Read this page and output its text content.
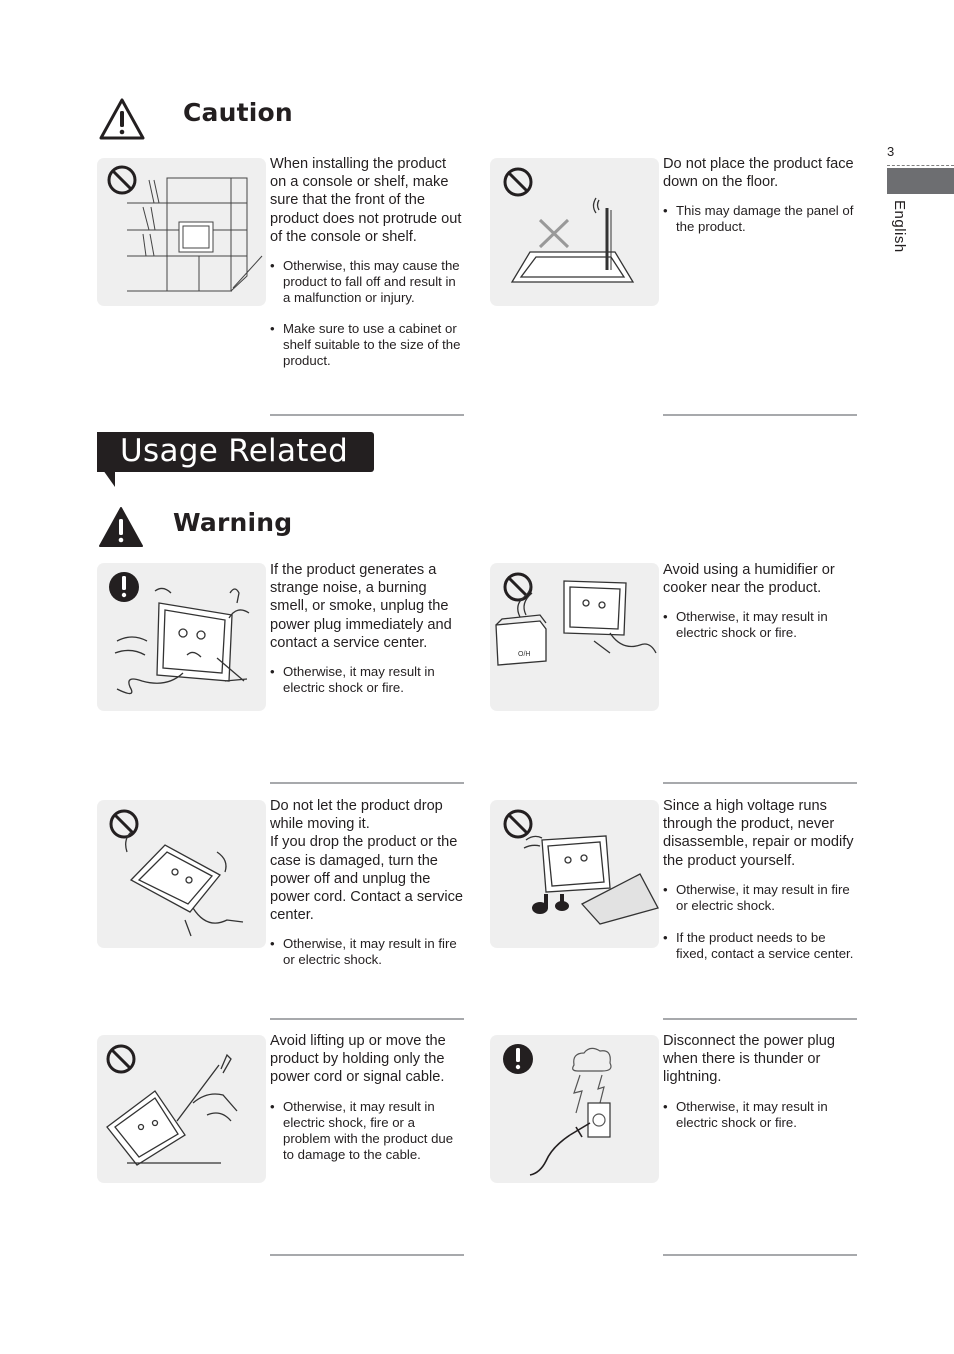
3
English
Caution

When installing the product on a console or shelf, make sure that the front of the product does not protrude out of the console or shelf.

• Otherwise, this may cause the product to fall off and result in a malfunction or injury.
• Make sure to use a cabinet or shelf suitable to the size of the product.

Do not place the product face down on the floor.

• This may damage the panel of the product.
Usage Related
Warning

If the product generates a strange noise, a burning smell, or smoke, unplug the power plug immediately and contact a service center.

• Otherwise, it may result in electric shock or fire.
O/H

Avoid using a humidifier or cooker near the product.

• Otherwise, it may result in electric shock or fire.

Do not let the product drop while moving it.
If you drop the product or the case is damaged, turn the power off and unplug the power cord. Contact a service center.

• Otherwise, it may result in fire or electric shock.

Since a high voltage runs through the product, never disassemble, repair or modify the product yourself.

• Otherwise, it may result in fire or electric shock.
• If the product needs to be fixed, contact a service center.

Avoid lifting up or move the product by holding only the power cord or signal cable.

• Otherwise, it may result in electric shock, fire or a problem with the product due to damage to the cable.

Disconnect the power plug when there is thunder or lightning.

• Otherwise, it may result in electric shock or fire.
